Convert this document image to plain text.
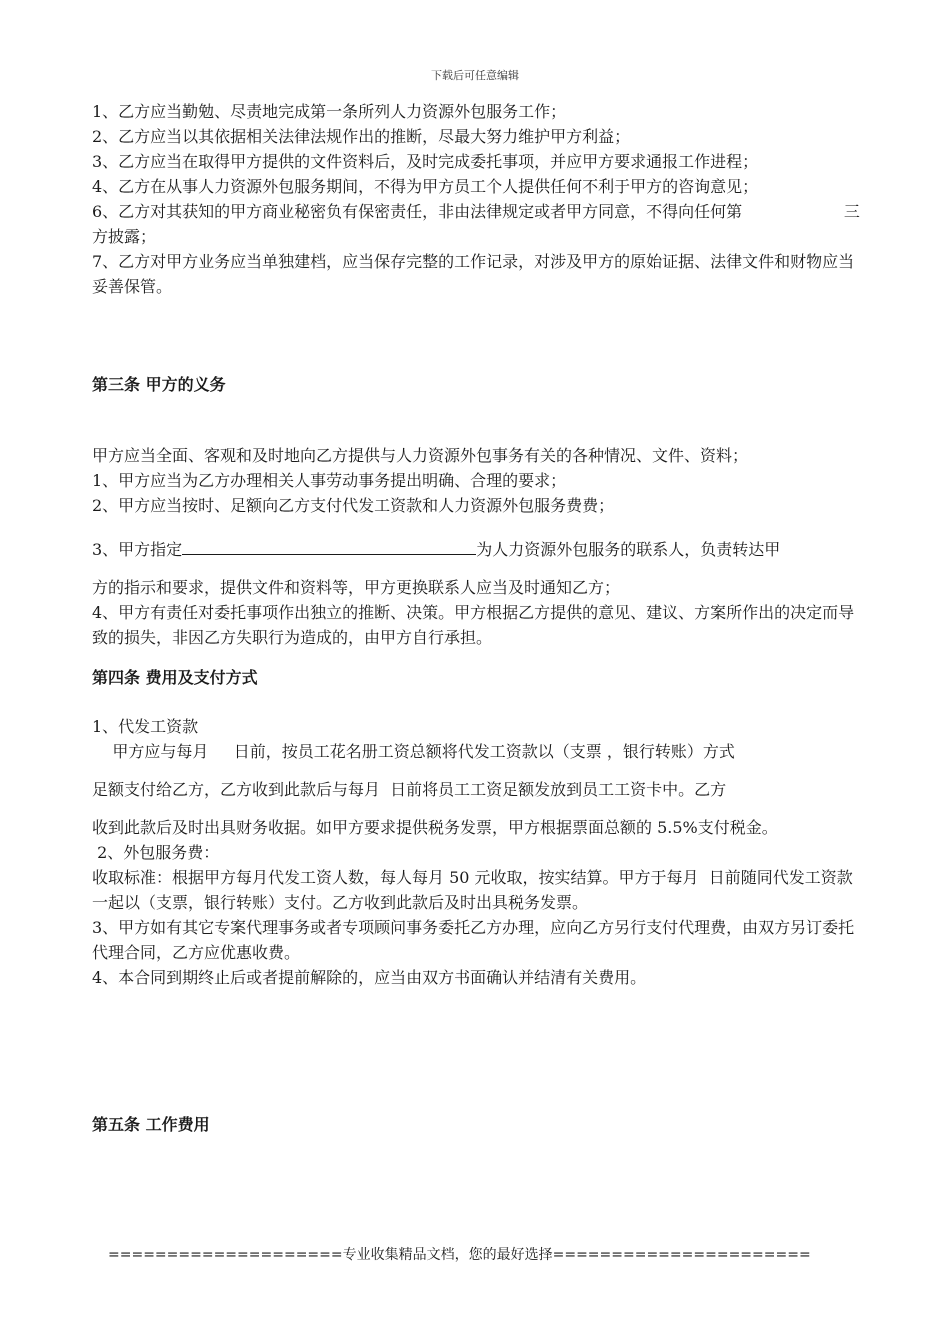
下载后可任意编辑

1、乙方应当勤勉、尽责地完成第一条所列人力资源外包服务工作；

2、乙方应当以其依据相关法律法规作出的推断，尽最大努力维护甲方利益；

3、乙方应当在取得甲方提供的文件资料后，及时完成委托事项，并应甲方要求通报工作进程；

4、乙方在从事人力资源外包服务期间，不得为甲方员工个人提供任何不利于甲方的咨询意见；

6、乙方对其获知的甲方商业秘密负有保密责任，非由法律规定或者甲方同意，不得向任何第                    三方披露；

7、乙方对甲方业务应当单独建档，应当保存完整的工作记录，对涉及甲方的原始证据、法律文件和财物应当妥善保管。

第三条 甲方的义务

甲方应当全面、客观和及时地向乙方提供与人力资源外包事务有关的各种情况、文件、资料；

1、甲方应当为乙方办理相关人事劳动事务提出明确、合理的要求；

2、甲方应当按时、足额向乙方支付代发工资款和人力资源外包服务费费；

3、甲方指定	为人力资源外包服务的联系人，负责转达甲

方的指示和要求，提供文件和资料等，甲方更换联系人应当及时通知乙方；

4、甲方有责任对委托事项作出独立的推断、决策。甲方根据乙方提供的意见、建议、方案所作出的决定而导致的损失，非因乙方失职行为造成的，由甲方自行承担。

第四条 费用及支付方式

1、代发工资款

甲方应与每月     日前，按员工花名册工资总额将代发工资款以（支票 ，银行转账）方式

足额支付给乙方，乙方收到此款后与每月  日前将员工工资足额发放到员工工资卡中。乙方

收到此款后及时出具财务收据。如甲方要求提供税务发票，甲方根据票面总额的 5.5%支付税金。

2、外包服务费：

收取标准：根据甲方每月代发工资人数，每人每月 50 元收取，按实结算。甲方于每月  日前随同代发工资款一起以（支票，银行转账）支付。乙方收到此款后及时出具税务发票。

3、甲方如有其它专案代理事务或者专项顾问事务委托乙方办理，应向乙方另行支付代理费，由双方另订委托代理合同，乙方应优惠收费。

4、本合同到期终止后或者提前解除的，应当由双方书面确认并结清有关费用。

第五条 工作费用

====================专业收集精品文档，您的最好选择======================
